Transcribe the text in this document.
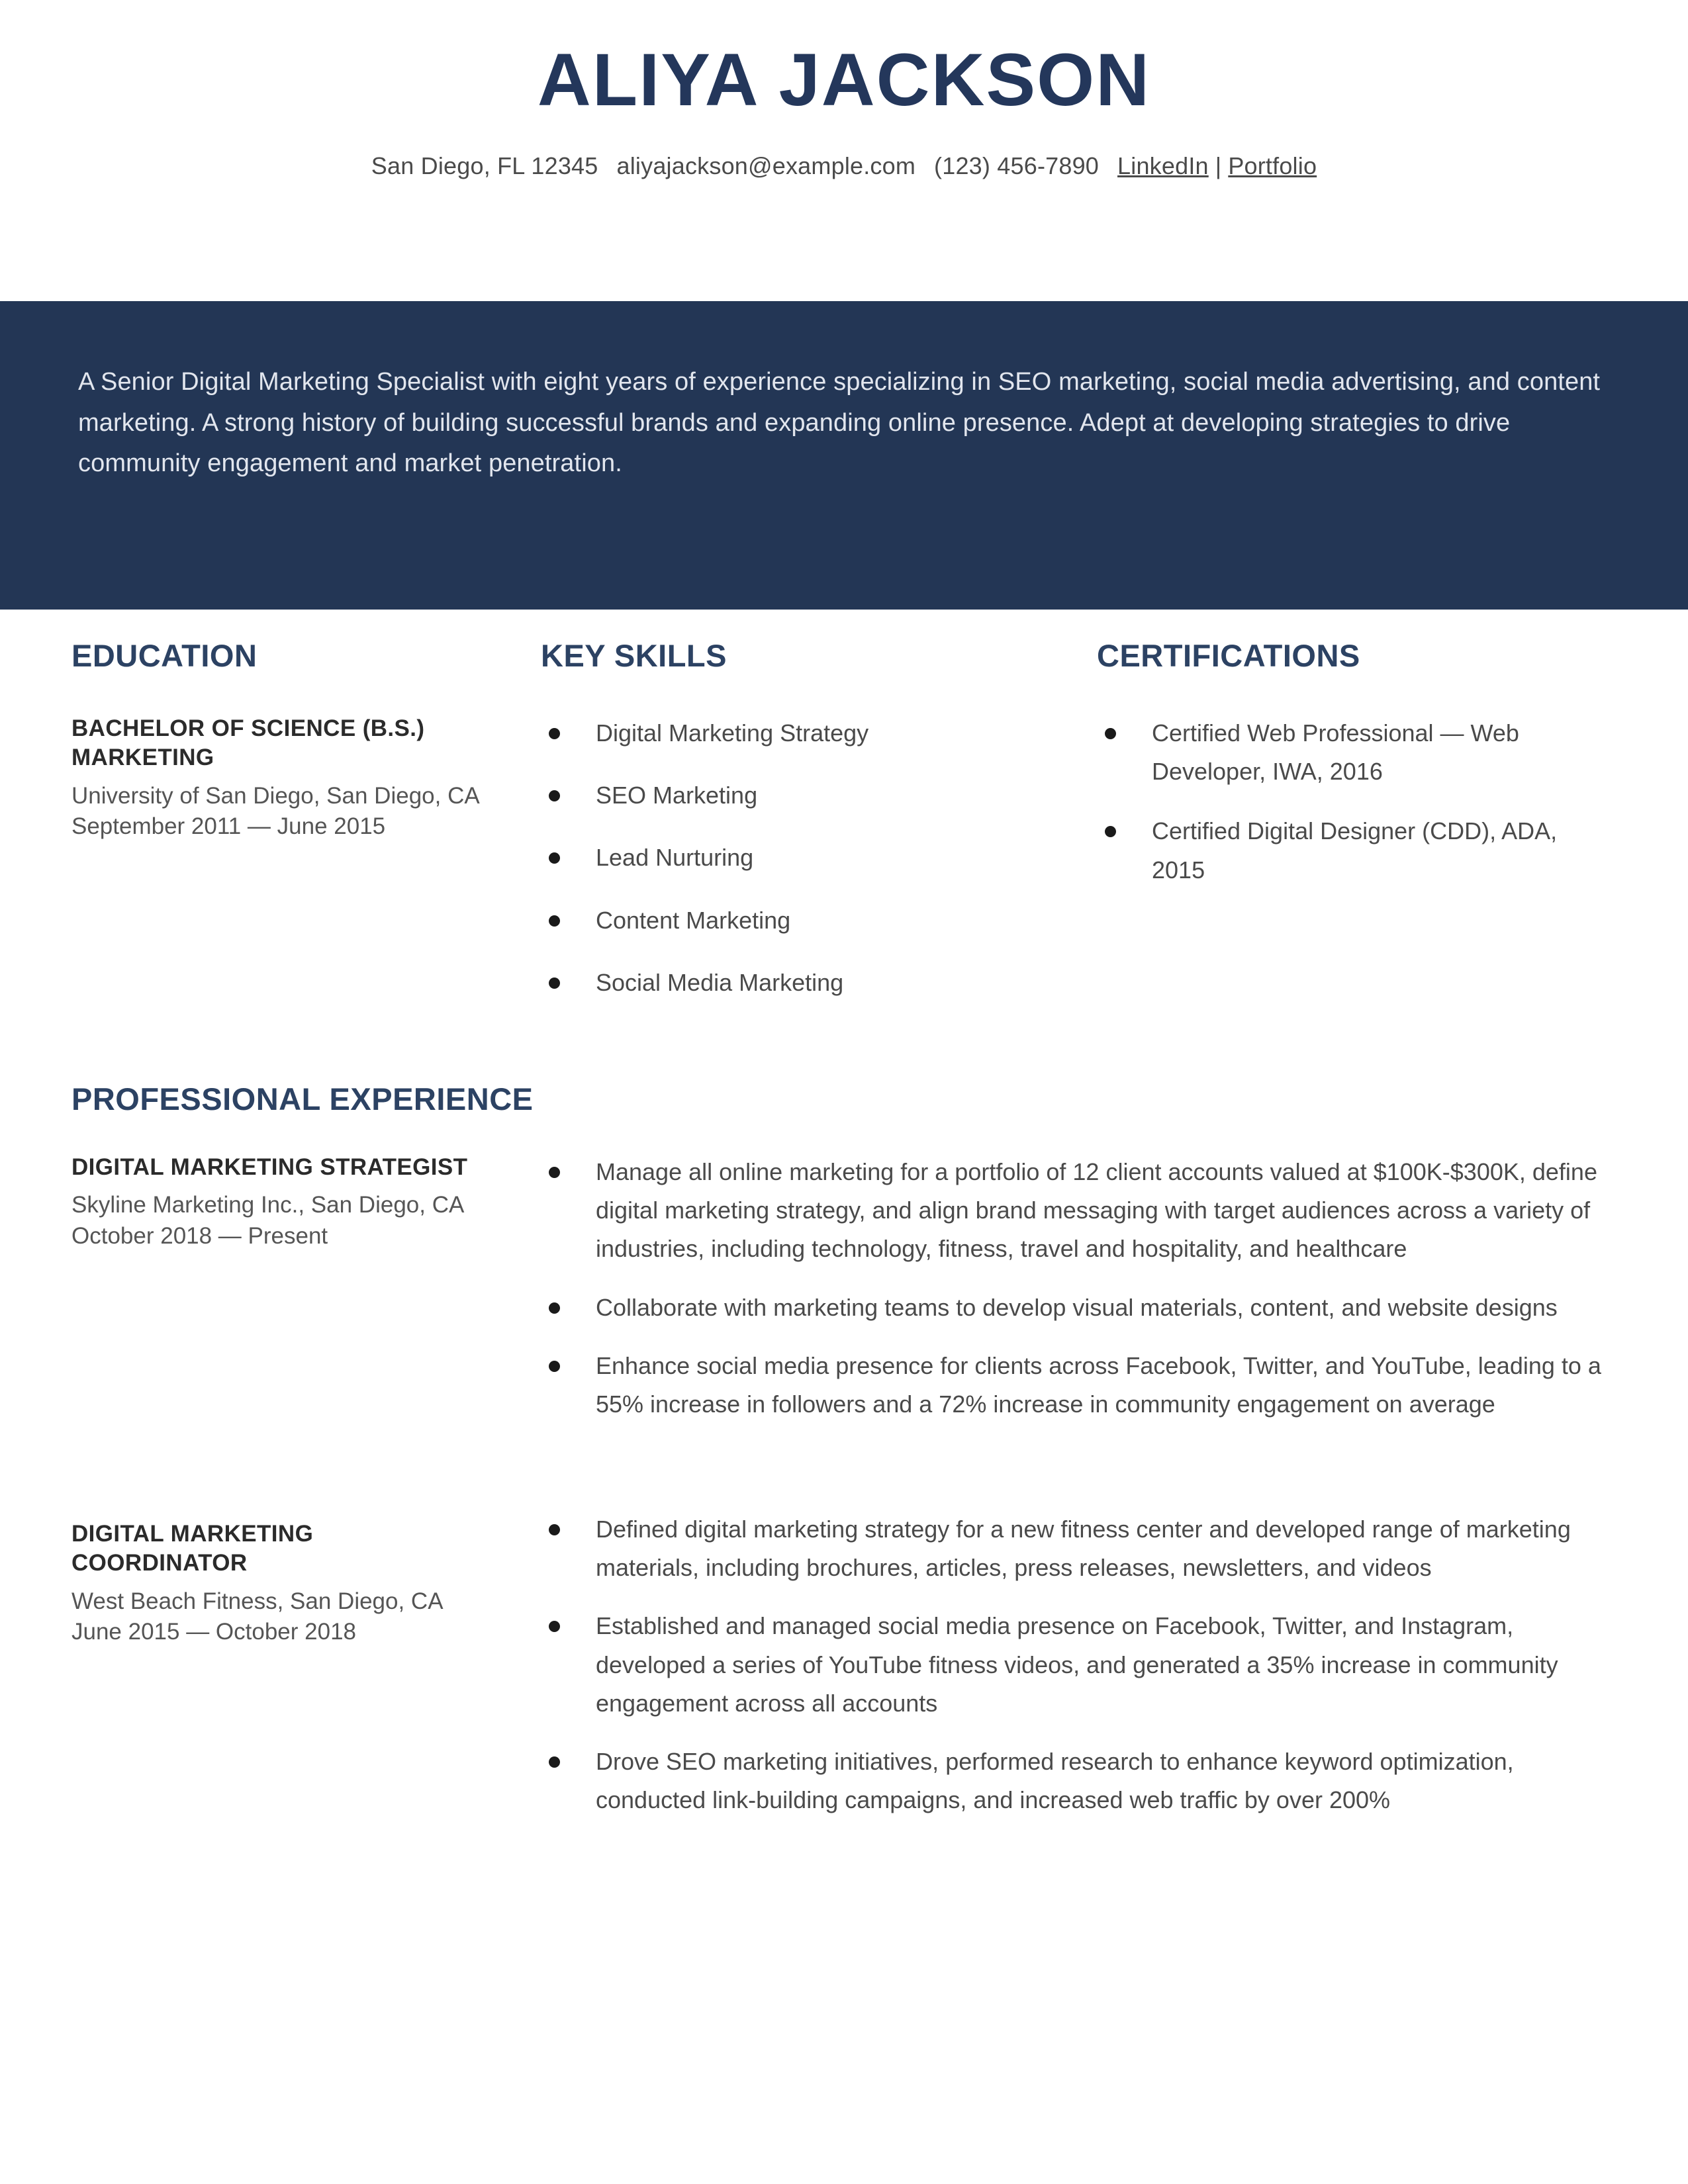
ALIYA JACKSON
San Diego, FL 12345 aliyajackson@example.com (123) 456-7890 LinkedIn | Portfolio
A Senior Digital Marketing Specialist with eight years of experience specializing in SEO marketing, social media advertising, and content marketing. A strong history of building successful brands and expanding online presence. Adept at developing strategies to drive community engagement and market penetration.
EDUCATION
BACHELOR OF SCIENCE (B.S.)
MARKETING
University of San Diego, San Diego, CA
September 2011 — June 2015
KEY SKILLS
Digital Marketing Strategy
SEO Marketing
Lead Nurturing
Content Marketing
Social Media Marketing
CERTIFICATIONS
Certified Web Professional — Web Developer, IWA, 2016
Certified Digital Designer (CDD), ADA, 2015
PROFESSIONAL EXPERIENCE
DIGITAL MARKETING STRATEGIST
Skyline Marketing Inc., San Diego, CA
October 2018 — Present
Manage all online marketing for a portfolio of 12 client accounts valued at $100K-$300K, define digital marketing strategy, and align brand messaging with target audiences across a variety of industries, including technology, fitness, travel and hospitality, and healthcare
Collaborate with marketing teams to develop visual materials, content, and website designs
Enhance social media presence for clients across Facebook, Twitter, and YouTube, leading to a 55% increase in followers and a 72% increase in community engagement on average
DIGITAL MARKETING
COORDINATOR
West Beach Fitness, San Diego, CA
June 2015 — October 2018
Defined digital marketing strategy for a new fitness center and developed range of marketing materials, including brochures, articles, press releases, newsletters, and videos
Established and managed social media presence on Facebook, Twitter, and Instagram, developed a series of YouTube fitness videos, and generated a 35% increase in community engagement across all accounts
Drove SEO marketing initiatives, performed research to enhance keyword optimization, conducted link-building campaigns, and increased web traffic by over 200%
